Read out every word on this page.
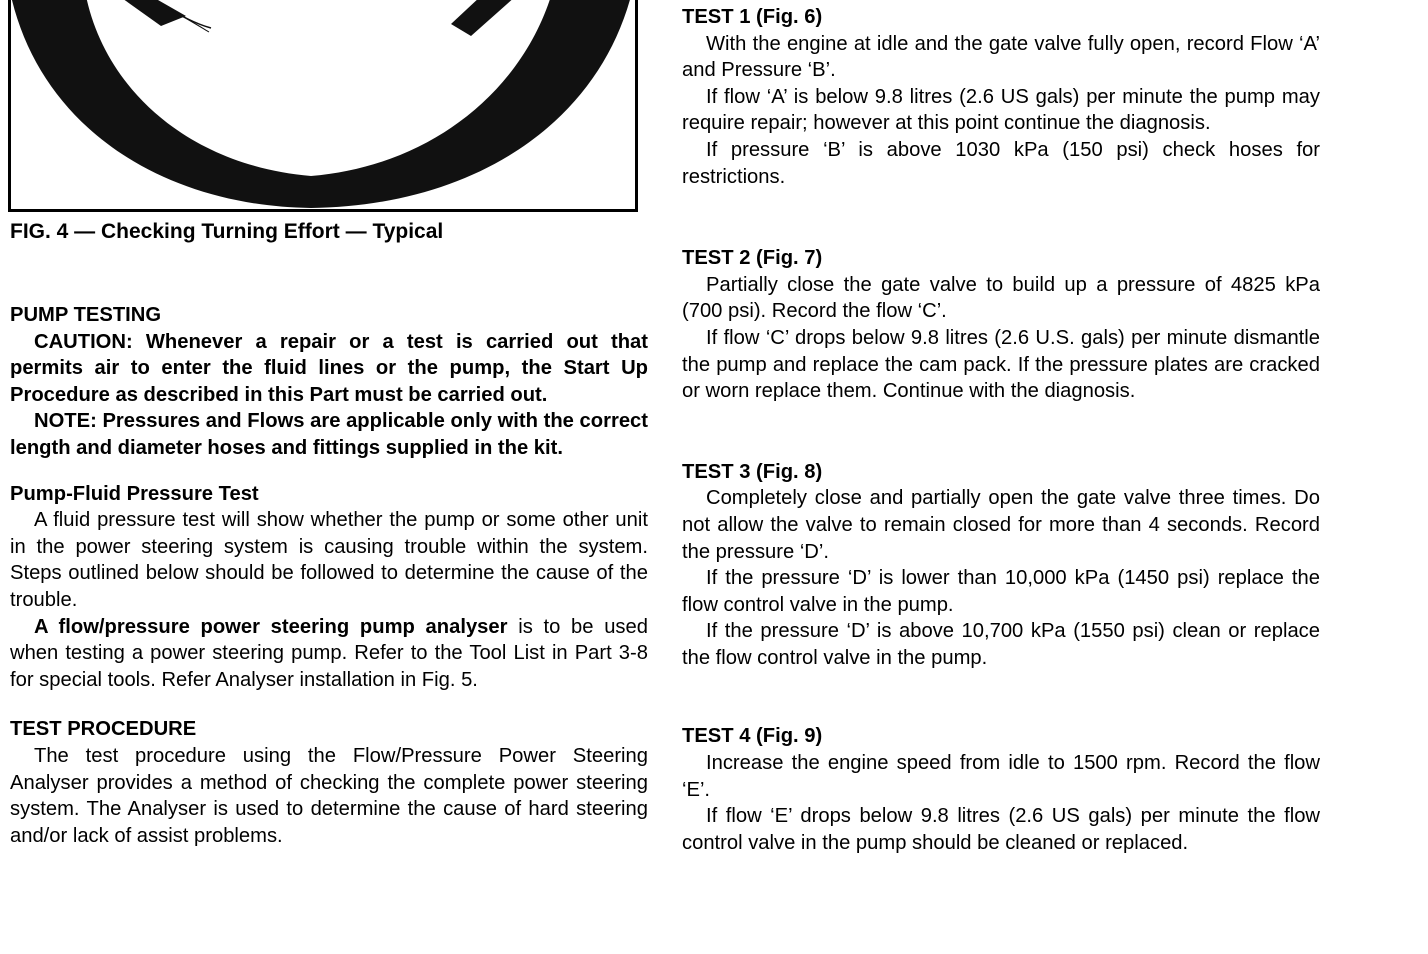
FIG. 4 — Checking Turning Effort — Typical

PUMP TESTING

CAUTION: Whenever a repair or a test is carried out that permits air to enter the fluid lines or the pump, the Start Up Procedure as described in this Part must be carried out.

NOTE: Pressures and Flows are applicable only with the correct length and diameter hoses and fittings supplied in the kit.

Pump-Fluid Pressure Test

A fluid pressure test will show whether the pump or some other unit in the power steering system is causing trouble within the system. Steps outlined below should be followed to determine the cause of the trouble.

A flow/pressure power steering pump analyser is to be used when testing a power steering pump. Refer to the Tool List in Part 3-8 for special tools. Refer Analyser installation in Fig. 5.

TEST PROCEDURE

The test procedure using the Flow/Pressure Power Steering Analyser provides a method of checking the complete power steering system. The Analyser is used to determine the cause of hard steering and/or lack of assist problems.

TEST 1 (Fig. 6)

With the engine at idle and the gate valve fully open, record Flow ‘A’ and Pressure ‘B’.

If flow ‘A’ is below 9.8 litres (2.6 US gals) per minute the pump may require repair; however at this point continue the diagnosis.

If pressure ‘B’ is above 1030 kPa (150 psi) check hoses for restrictions.

TEST 2 (Fig. 7)

Partially close the gate valve to build up a pressure of 4825 kPa (700 psi). Record the flow ‘C’.

If flow ‘C’ drops below 9.8 litres (2.6 U.S. gals) per minute dismantle the pump and replace the cam pack. If the pressure plates are cracked or worn replace them. Continue with the diagnosis.

TEST 3 (Fig. 8)

Completely close and partially open the gate valve three times. Do not allow the valve to remain closed for more than 4 seconds. Record the pressure ‘D’.

If the pressure ‘D’ is lower than 10,000 kPa (1450 psi) replace the flow control valve in the pump.

If the pressure ‘D’ is above 10,700 kPa (1550 psi) clean or replace the flow control valve in the pump.

TEST 4 (Fig. 9)

Increase the engine speed from idle to 1500 rpm. Record the flow ‘E’.

If flow ‘E’ drops below 9.8 litres (2.6 US gals) per minute the flow control valve in the pump should be cleaned or replaced.
